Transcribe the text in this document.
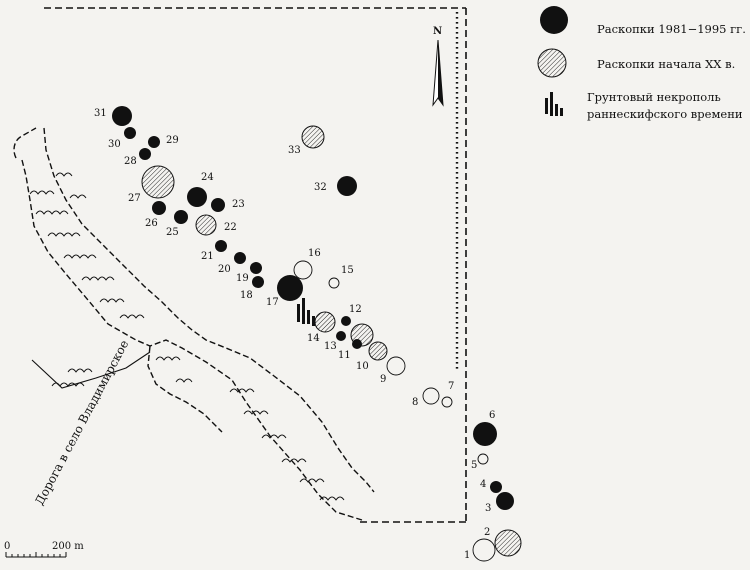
N
31
30	29
28
27
24
23
26
25	22
21
20
19
18
17
32
33
16
15
14
13
12
11
10
9
8
7
6
5
4
3
2
1
Дорога в село Владимирское
0	200 m
Раскопки 1981−1995 гг.
Раскопки начала XX в.
Грунтовый некрополь
раннескифского времени
